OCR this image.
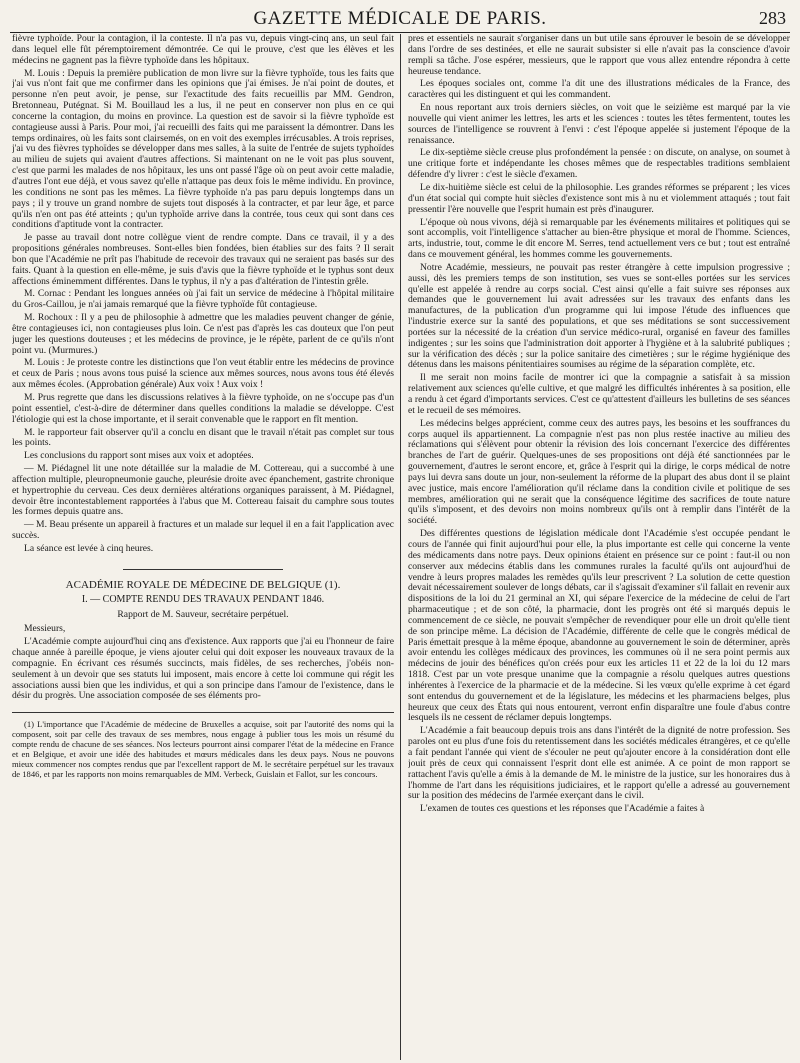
GAZETTE MÉDICALE DE PARIS.	283

fièvre typhoïde. Pour la contagion, il la conteste. Il n'a pas vu, depuis vingt-cinq ans, un seul fait dans lequel elle fût péremptoirement démontrée. Ce qui le prouve, c'est que les élèves et les médecins ne gagnent pas la fièvre typhoïde dans les hôpitaux.

M. Louis : Depuis la première publication de mon livre sur la fièvre typhoïde, tous les faits que j'ai vus n'ont fait que me confirmer dans les opinions que j'ai émises. Je n'ai point de doutes, et personne n'en peut avoir, je pense, sur l'exactitude des faits recueillis par MM. Gendron, Bretonneau, Putégnat. Si M. Bouillaud les a lus, il ne peut en conserver non plus en ce qui concerne la contagion, du moins en province. La question est de savoir si la fièvre typhoïde est contagieuse aussi à Paris. Pour moi, j'ai recueilli des faits qui me paraissent la démontrer. Dans les temps ordinaires, où les faits sont clairsemés, on en voit des exemples irrécusables. A trois reprises, j'ai vu des fièvres typhoïdes se développer dans mes salles, à la suite de l'entrée de sujets typhoïdes au milieu de sujets qui avaient d'autres affections. Si maintenant on ne le voit pas plus souvent, c'est que parmi les malades de nos hôpitaux, les uns ont passé l'âge où on peut avoir cette maladie, d'autres l'ont eue déjà, et vous savez qu'elle n'attaque pas deux fois le même individu. En province, les conditions ne sont pas les mêmes. La fièvre typhoïde n'a pas paru depuis longtemps dans un pays ; il y trouve un grand nombre de sujets tout disposés à la contracter, et par leur âge, et parce qu'ils n'en ont pas été atteints ; qu'un typhoïde arrive dans la contrée, tous ceux qui sont dans ces conditions d'aptitude vont la contracter.

Je passe au travail dont notre collègue vient de rendre compte. Dans ce travail, il y a des propositions générales nombreuses. Sont-elles bien fondées, bien établies sur des faits ? Il serait bon que l'Académie ne prît pas l'habitude de recevoir des travaux qui ne seraient pas basés sur des faits. Quant à la question en elle-même, je suis d'avis que la fièvre typhoïde et le typhus sont deux affections éminemment différentes. Dans le typhus, il n'y a pas d'altération de l'intestin grêle.

M. Cornac : Pendant les longues années où j'ai fait un service de médecine à l'hôpital militaire du Gros-Caillou, je n'ai jamais remarqué que la fièvre typhoïde fût contagieuse.

M. Rochoux : Il y a peu de philosophie à admettre que les maladies peuvent changer de génie, être contagieuses ici, non contagieuses plus loin. Ce n'est pas d'après les cas douteux que l'on peut juger les questions douteuses ; et les médecins de province, je le répète, parlent de ce qu'ils n'ont point vu. (Murmures.)

M. Louis : Je proteste contre les distinctions que l'on veut établir entre les médecins de province et ceux de Paris ; nous avons tous puisé la science aux mêmes sources, nous avons tous été élevés aux mêmes écoles. (Approbation générale) Aux voix ! Aux voix !

M. Prus regrette que dans les discussions relatives à la fièvre typhoïde, on ne s'occupe pas d'un point essentiel, c'est-à-dire de déterminer dans quelles conditions la maladie se développe. C'est l'étiologie qui est la chose importante, et il serait convenable que le rapport en fît mention.

M. le rapporteur fait observer qu'il a conclu en disant que le travail n'était pas complet sur tous les points.

Les conclusions du rapport sont mises aux voix et adoptées.

— M. Piédagnel lit une note détaillée sur la maladie de M. Cottereau, qui a succombé à une affection multiple, pleuropneumonie gauche, pleurésie droite avec épanchement, gastrite chronique et hypertrophie du cerveau. Ces deux dernières altérations organiques paraissent, à M. Piédagnel, devoir être incontestablement rapportées à l'abus que M. Cottereau faisait du camphre sous toutes les formes depuis quatre ans.

— M. Beau présente un appareil à fractures et un malade sur lequel il en a fait l'application avec succès.

La séance est levée à cinq heures.

ACADÉMIE ROYALE DE MÉDECINE DE BELGIQUE (1).

I. — COMPTE RENDU DES TRAVAUX PENDANT 1846.

Rapport de M. Sauveur, secrétaire perpétuel.

Messieurs,

L'Académie compte aujourd'hui cinq ans d'existence. Aux rapports que j'ai eu l'honneur de faire chaque année à pareille époque, je viens ajouter celui qui doit exposer les nouveaux travaux de la compagnie. En écrivant ces résumés succincts, mais fidèles, de ses recherches, j'obéis non-seulement à un devoir que ses statuts lui imposent, mais encore à cette loi commune qui régit les associations aussi bien que les individus, et qui a son principe dans l'amour de l'existence, dans le désir du progrès. Une association composée de ses éléments pro-

(1) L'importance que l'Académie de médecine de Bruxelles a acquise, soit par l'autorité des noms qui la composent, soit par celle des travaux de ses membres, nous engage à publier tous les mois un résumé du compte rendu de chacune de ses séances. Nos lecteurs pourront ainsi comparer l'état de la médecine en France et en Belgique, et avoir une idée des habitudes et mœurs médicales dans les deux pays. Nous ne pouvons mieux commencer nos comptes rendus que par l'excellent rapport de M. le secrétaire perpétuel sur les travaux de 1846, et par les rapports non moins remarquables de MM. Verbeck, Guislain et Fallot, sur les concours.

pres et essentiels ne saurait s'organiser dans un but utile sans éprouver le besoin de se développer dans l'ordre de ses destinées, et elle ne saurait subsister si elle n'avait pas la conscience d'avoir rempli sa tâche. J'ose espérer, messieurs, que le rapport que vous allez entendre répondra à cette heureuse tendance.

Les époques sociales ont, comme l'a dit une des illustrations médicales de la France, des caractères qui les distinguent et qui les commandent.

En nous reportant aux trois derniers siècles, on voit que le seizième est marqué par la vie nouvelle qui vient animer les lettres, les arts et les sciences : toutes les têtes fermentent, toutes les sources de l'intelligence se rouvrent à l'envi : c'est l'époque appelée si justement l'époque de la renaissance.

Le dix-septième siècle creuse plus profondément la pensée : on discute, on analyse, on soumet à une critique forte et indépendante les choses mêmes que de respectables traditions semblaient défendre d'y livrer : c'est le siècle d'examen.

Le dix-huitième siècle est celui de la philosophie. Les grandes réformes se préparent ; les vices d'un état social qui compte huit siècles d'existence sont mis à nu et violemment attaqués ; tout fait pressentir l'ère nouvelle que l'esprit humain est près d'inaugurer.

L'époque où nous vivons, déjà si remarquable par les événements militaires et politiques qui se sont accomplis, voit l'intelligence s'attacher au bien-être physique et moral de l'homme. Sciences, arts, industrie, tout, comme le dit encore M. Serres, tend actuellement vers ce but ; tout est entraîné dans ce mouvement général, les hommes comme les gouvernements.

Notre Académie, messieurs, ne pouvait pas rester étrangère à cette impulsion progressive ; aussi, dès les premiers temps de son institution, ses vues se sont-elles portées sur les services qu'elle est appelée à rendre au corps social. C'est ainsi qu'elle a fait suivre ses réponses aux demandes que le gouvernement lui avait adressées sur les travaux des enfants dans les manufactures, de la publication d'un programme qui lui impose l'étude des influences que l'industrie exerce sur la santé des populations, et que ses méditations se sont successivement portées sur la nécessité de la création d'un service médico-rural, organisé en faveur des familles indigentes ; sur les soins que l'administration doit apporter à l'hygiène et à la salubrité publiques ; sur la vérification des décès ; sur la police sanitaire des cimetières ; sur le régime hygiénique des détenus dans les maisons pénitentiaires soumises au régime de la séparation complète, etc.

Il me serait non moins facile de montrer ici que la compagnie a satisfait à sa mission relativement aux sciences qu'elle cultive, et que malgré les difficultés inhérentes à sa position, elle a rendu à cet égard d'importants services. C'est ce qu'attestent d'ailleurs les bulletins de ses séances et le recueil de ses mémoires.

Les médecins belges apprécient, comme ceux des autres pays, les besoins et les souffrances du corps auquel ils appartiennent. La compagnie n'est pas non plus restée inactive au milieu des réclamations qui s'élèvent pour obtenir la révision des lois concernant l'exercice des différentes branches de l'art de guérir. Quelques-unes de ses propositions ont déjà été sanctionnées par le gouvernement, d'autres le seront encore, et, grâce à l'esprit qui la dirige, le corps médical de notre pays lui devra sans doute un jour, non-seulement la réforme de la plupart des abus dont il se plaint avec justice, mais encore l'amélioration qu'il réclame dans la condition civile et politique de ses membres, amélioration qui ne serait que la conséquence légitime des sacrifices de toute nature qu'ils s'imposent, et des devoirs non moins nombreux qu'ils ont à remplir dans l'intérêt de la société.

Des différentes questions de législation médicale dont l'Académie s'est occupée pendant le cours de l'année qui finit aujourd'hui pour elle, la plus importante est celle qui concerne la vente des médicaments dans notre pays. Deux opinions étaient en présence sur ce point : faut-il ou non conserver aux médecins établis dans les communes rurales la faculté qu'ils ont aujourd'hui de vendre à leurs propres malades les remèdes qu'ils leur prescrivent ? La solution de cette question devait nécessairement soulever de longs débats, car il s'agissait d'examiner s'il fallait en revenir aux dispositions de la loi du 21 germinal an XI, qui sépare l'exercice de la médecine de celui de l'art pharmaceutique ; et de son côté, la pharmacie, dont les progrès ont été si marqués depuis le commencement de ce siècle, ne pouvait s'empêcher de revendiquer pour elle un droit qu'elle tient de son principe même. La décision de l'Académie, différente de celle que le congrès médical de Paris émettait presque à la même époque, abandonne au gouvernement le soin de déterminer, après avoir entendu les collèges médicaux des provinces, les communes où il ne sera point permis aux médecins de jouir des bénéfices qu'on créés pour eux les articles 11 et 22 de la loi du 12 mars 1818. C'est par un vote presque unanime que la compagnie a résolu quelques autres questions inhérentes à l'exercice de la pharmacie et de la médecine. Si les vœux qu'elle exprime à cet égard sont entendus du gouvernement et de la législature, les médecins et les pharmaciens belges, plus heureux que ceux des États qui nous entourent, verront enfin disparaître une foule d'abus contre lesquels ils ne cessent de réclamer depuis longtemps.

L'Académie a fait beaucoup depuis trois ans dans l'intérêt de la dignité de notre profession. Ses paroles ont eu plus d'une fois du retentissement dans les sociétés médicales étrangères, et ce qu'elle a fait pendant l'année qui vient de s'écouler ne peut qu'ajouter encore à la considération dont elle jouit près de ceux qui connaissent l'esprit dont elle est animée. A ce point de mon rapport se rattachent l'avis qu'elle a émis à la demande de M. le ministre de la justice, sur les honoraires dus à l'homme de l'art dans les réquisitions judiciaires, et le rapport qu'elle a adressé au gouvernement sur la position des médecins de l'armée exerçant dans le civil.

L'examen de toutes ces questions et les réponses que l'Académie a faites à
